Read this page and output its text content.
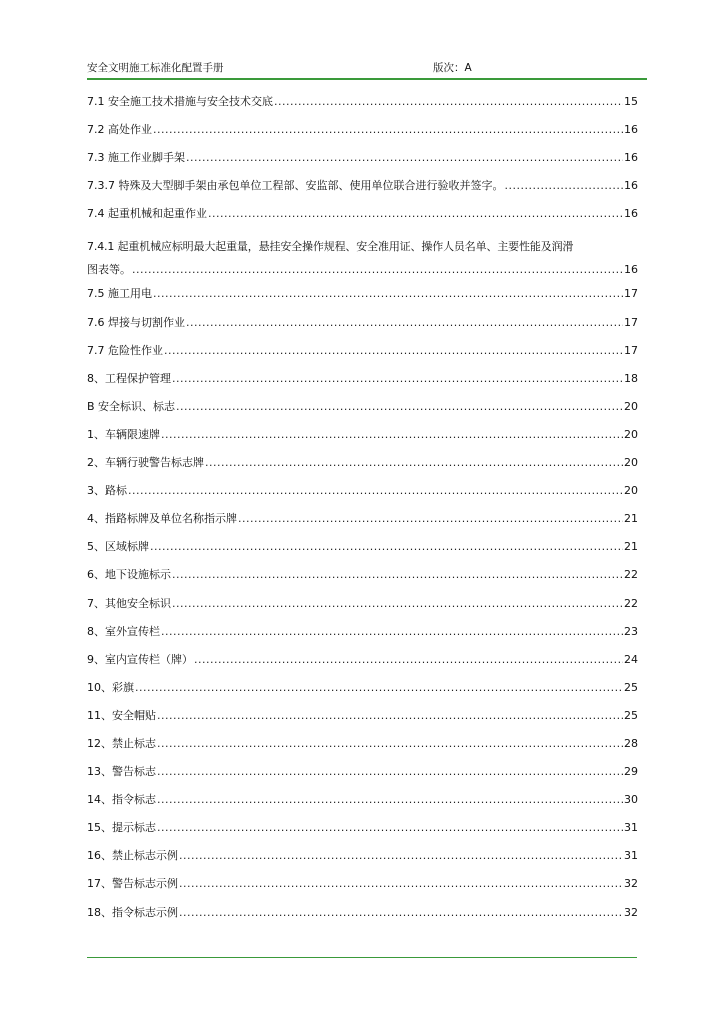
安全文明施工标准化配置手册	版次：A
7.1 安全施工技术措施与安全技术交底 .....	15
7.2 高处作业 .....	16
7.3 施工作业脚手架 .....	16
7.3.7 特殊及大型脚手架由承包单位工程部、安监部、使用单位联合进行验收并签字。 .....	16
7.4 起重机械和起重作业 .....	16
7.4.1 起重机械应标明最大起重量，悬挂安全操作规程、安全准用证、操作人员名单、主要性能及润滑
图表等。 .....	16
7.5 施工用电 .....	17
7.6 焊接与切割作业 .....	17
7.7 危险性作业 .....	17
8、工程保护管理 .....	18
B 安全标识、标志 .....	20
1、车辆限速牌 .....	20
2、车辆行驶警告标志牌 .....	20
3、路标 .....	20
4、指路标牌及单位名称指示牌 .....	21
5、区域标牌 .....	21
6、地下设施标示 .....	22
7、其他安全标识 .....	22
8、室外宣传栏 .....	23
9、室内宣传栏（牌） .....	24
10、彩旗 .....	25
11、安全帽贴 .....	25
12、禁止标志 .....	28
13、警告标志 .....	29
14、指令标志 .....	30
15、提示标志 .....	31
16、禁止标志示例 .....	31
17、警告标志示例 .....	32
18、指令标志示例 .....	32
